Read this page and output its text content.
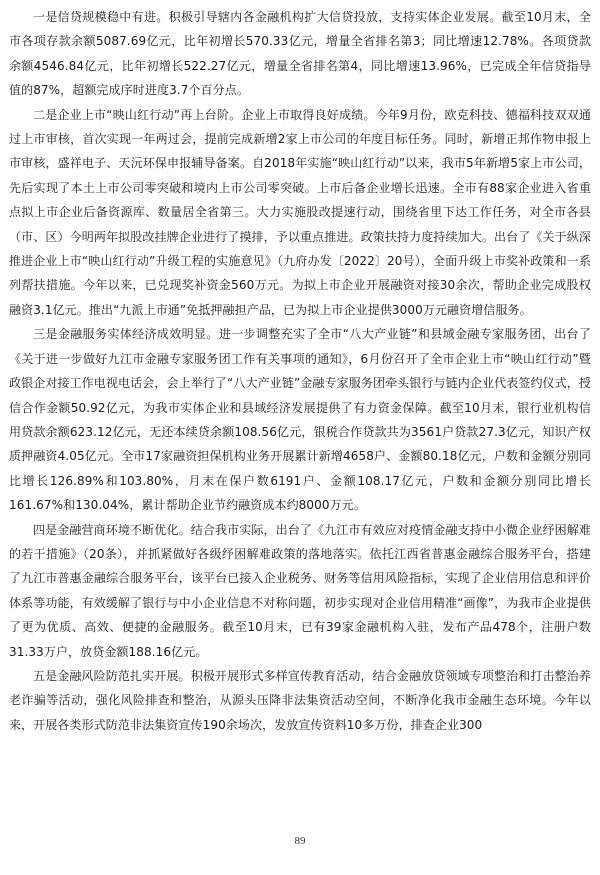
一是信贷规模稳中有进。积极引导辖内各金融机构扩大信贷投放，支持实体企业发展。截至10月末，全市各项存款余额5087.69亿元，比年初增长570.33亿元，增量全省排名第3；同比增速12.78%。各项贷款余额4546.84亿元，比年初增长522.27亿元，增量全省排名第4，同比增速13.96%，已完成全年信贷指导值的87%，超额完成序时进度3.7个百分点。

二是企业上市“映山红行动”再上台阶。企业上市取得良好成绩。今年9月份，欧克科技、德福科技双双通过上市审核，首次实现一年两过会，提前完成新增2家上市公司的年度目标任务。同时，新增正邦作物申报上市审核，盛祥电子、天沅环保申报辅导备案。自2018年实施“映山红行动”以来，我市5年新增5家上市公司，先后实现了本土上市公司零突破和境内上市公司零突破。上市后备企业增长迅速。全市有88家企业进入省重点拟上市企业后备资源库、数量居全省第三。大力实施股改提速行动，围绕省里下达工作任务，对全市各县（市、区）今明两年拟股改挂牌企业进行了摸排，予以重点推进。政策扶持力度持续加大。出台了《关于纵深推进企业上市“映山红行动”升级工程的实施意见》（九府办发〔2022〕20号），全面升级上市奖补政策和一系列帮扶措施。今年以来，已兑现奖补资金560万元。为拟上市企业开展融资对接30余次，帮助企业完成股权融资3.1亿元。推出“九派上市通”免抵押融担产品，已为拟上市企业提供3000万元融资增信服务。

三是金融服务实体经济成效明显。进一步调整充实了全市“八大产业链”和县域金融专家服务团，出台了《关于进一步做好九江市金融专家服务团工作有关事项的通知》，6月份召开了全市企业上市“映山红行动”暨政银企对接工作电视电话会，会上举行了“八大产业链”金融专家服务团牵头银行与链内企业代表签约仪式，授信合作金额50.92亿元，为我市实体企业和县域经济发展提供了有力资金保障。截至10月末，银行业机构信用贷款余额623.12亿元，无还本续贷余额108.56亿元，银税合作贷款共为3561户贷款27.3亿元，知识产权质押融资4.05亿元。全市17家融资担保机构业务开展累计新增4658户、金额80.18亿元，户数和金额分别同比增长126.89%和103.80%，月末在保户数6191户、金额108.17亿元，户数和金额分别同比增长161.67%和130.04%，累计帮助企业节约融资成本约8000万元。

四是金融营商环境不断优化。结合我市实际，出台了《九江市有效应对疫情金融支持中小微企业纾困解难的若干措施》（20条），并抓紧做好各级纾困解难政策的落地落实。依托江西省普惠金融综合服务平台，搭建了九江市普惠金融综合服务平台，该平台已接入企业税务、财务等信用风险指标，实现了企业信用信息和评价体系等功能，有效缓解了银行与中小企业信息不对称问题，初步实现对企业信用精准“画像”，为我市企业提供了更为优质、高效、便捷的金融服务。截至10月末，已有39家金融机构入驻，发布产品478个，注册户数31.33万户，放贷金额188.16亿元。

五是金融风险防范扎实开展。积极开展形式多样宣传教育活动，结合金融放贷领域专项整治和打击整治养老诈骗等活动，强化风险排查和整治，从源头压降非法集资活动空间，不断净化我市金融生态环境。今年以来，开展各类形式防范非法集资宣传190余场次，发放宣传资料10多万份，排查企业300

89
